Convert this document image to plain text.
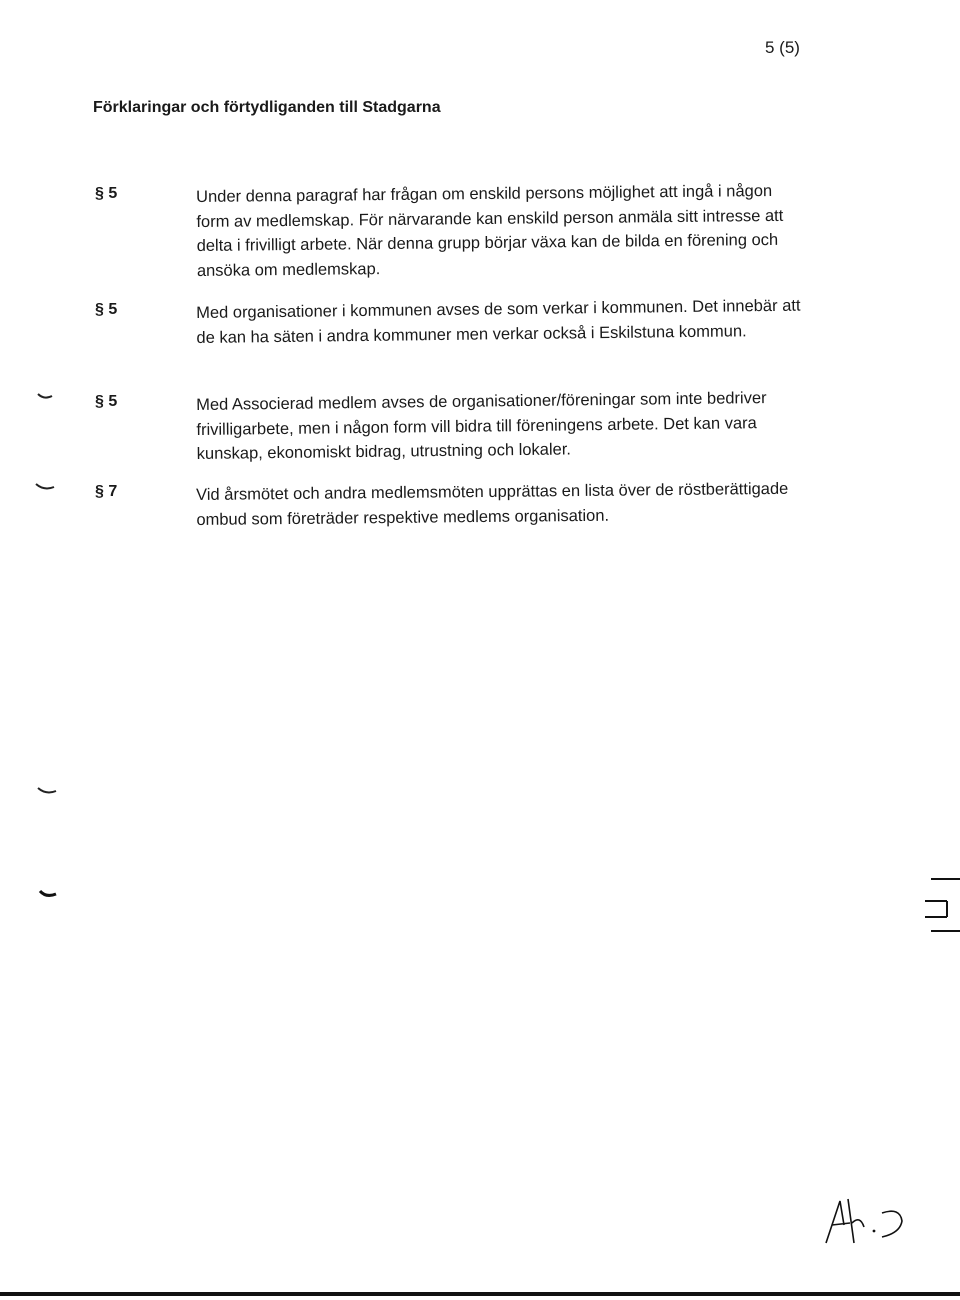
5 (5)
Förklaringar och förtydliganden till Stadgarna
§ 5	Under denna paragraf har frågan om enskild persons möjlighet att ingå i någon form av medlemskap. För närvarande kan enskild person anmäla sitt intresse att delta i frivilligt arbete. När denna grupp börjar växa kan de bilda en förening och ansöka om medlemskap.

§ 5	Med organisationer i kommunen avses de som verkar i kommunen. Det innebär att de kan ha säten i andra kommuner men verkar också i Eskilstuna kommun.

§ 5	Med Associerad medlem avses de organisationer/föreningar som inte bedriver frivilligarbete, men i någon form vill bidra till föreningens arbete. Det kan vara kunskap, ekonomiskt bidrag, utrustning och lokaler.

§ 7	Vid årsmötet och andra medlemsmöten upprättas en lista över de röstberättigade ombud som företräder respektive medlems organisation.
